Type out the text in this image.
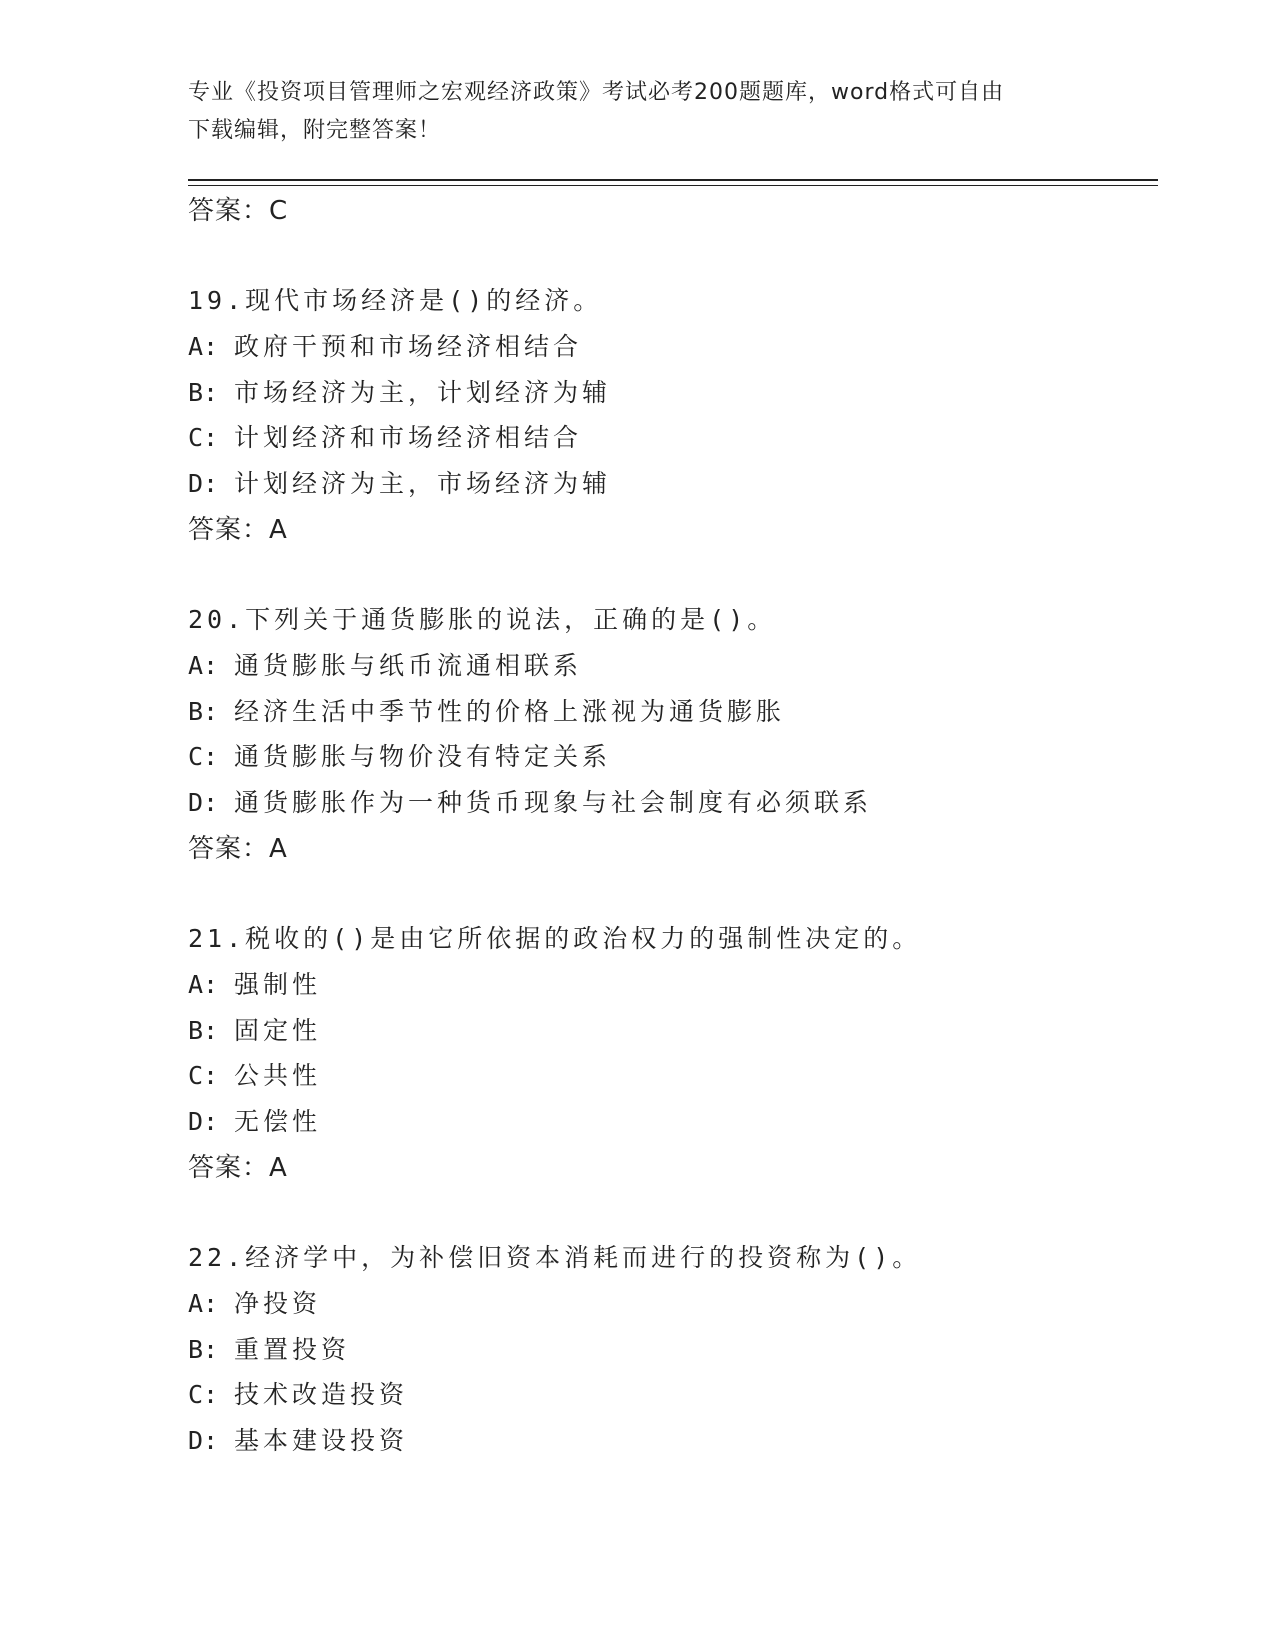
专业《投资项目管理师之宏观经济政策》考试必考200题题库，word格式可自由
下载编辑，附完整答案！

答案：C

19.现代市场经济是()的经济。

A: 政府干预和市场经济相结合

B: 市场经济为主，计划经济为辅

C: 计划经济和市场经济相结合

D: 计划经济为主，市场经济为辅

答案：A

20.下列关于通货膨胀的说法，正确的是()。

A: 通货膨胀与纸币流通相联系

B: 经济生活中季节性的价格上涨视为通货膨胀

C: 通货膨胀与物价没有特定关系

D: 通货膨胀作为一种货币现象与社会制度有必须联系

答案：A

21.税收的()是由它所依据的政治权力的强制性决定的。

A: 强制性

B: 固定性

C: 公共性

D: 无偿性

答案：A

22.经济学中，为补偿旧资本消耗而进行的投资称为()。

A: 净投资

B: 重置投资

C: 技术改造投资

D: 基本建设投资
